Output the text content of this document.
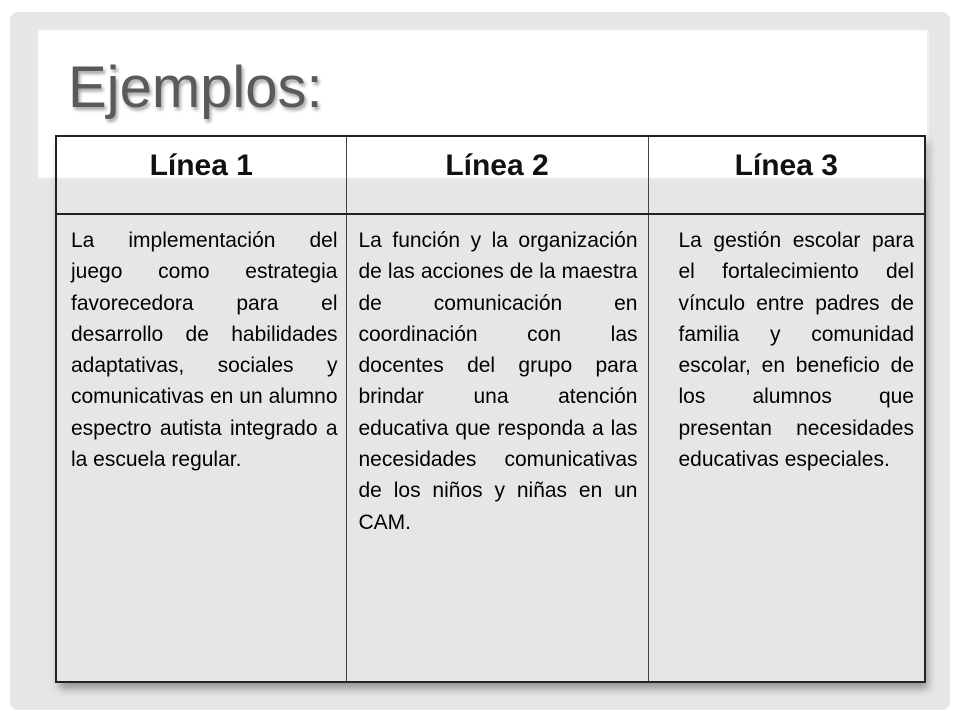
Ejemplos:
Línea 1	Línea 2	Línea 3
La implementación del juego como estrategia favorecedora para el desarrollo de habilidades adaptativas, sociales y comunicativas en un alumno espectro autista integrado a la escuela regular.	La función y la organización de las acciones de la maestra de comunicación en coordinación con las docentes del grupo para brindar una atención educativa que responda a las necesidades comunicativas de los niños y niñas en un CAM.	La gestión escolar para el fortalecimiento del vínculo entre padres de familia y comunidad escolar, en beneficio de los alumnos que presentan necesidades educativas especiales.
